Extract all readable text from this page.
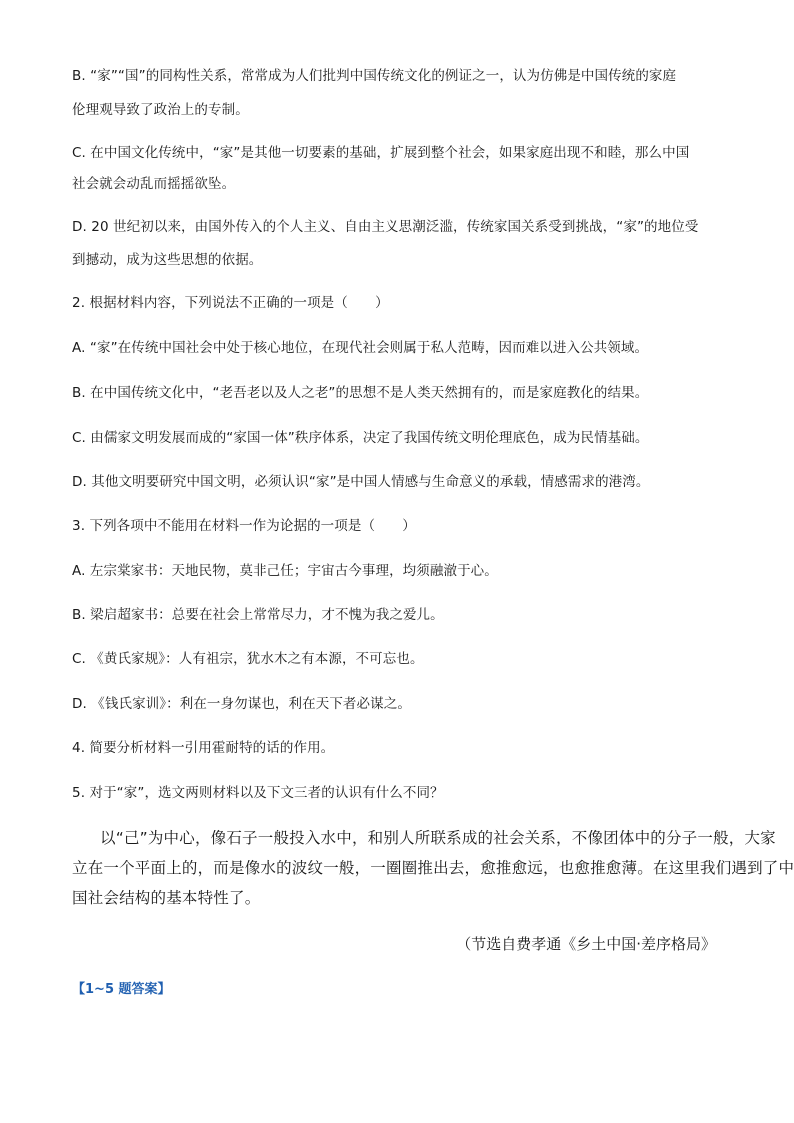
B. “家”“国”的同构性关系，常常成为人们批判中国传统文化的例证之一，认为仿佛是中国传统的家庭
伦理观导致了政治上的专制。
C. 在中国文化传统中，“家”是其他一切要素的基础，扩展到整个社会，如果家庭出现不和睦，那么中国
社会就会动乱而摇摇欲坠。
D. 20 世纪初以来，由国外传入的个人主义、自由主义思潮泛滥，传统家国关系受到挑战，“家”的地位受
到撼动，成为这些思想的依据。
2. 根据材料内容，下列说法不正确的一项是（　　）
A. “家”在传统中国社会中处于核心地位，在现代社会则属于私人范畴，因而难以进入公共领域。
B. 在中国传统文化中，“老吾老以及人之老”的思想不是人类天然拥有的，而是家庭教化的结果。
C. 由儒家文明发展而成的“家国一体”秩序体系，决定了我国传统文明伦理底色，成为民情基础。
D. 其他文明要研究中国文明，必须认识“家”是中国人情感与生命意义的承载，情感需求的港湾。
3. 下列各项中不能用在材料一作为论据的一项是（　　）
A. 左宗棠家书：天地民物，莫非己任；宇宙古今事理，均须融澈于心。
B. 梁启超家书：总要在社会上常常尽力，才不愧为我之爱儿。
C. 《黄氏家规》：人有祖宗，犹水木之有本源，不可忘也。
D. 《钱氏家训》：利在一身勿谋也，利在天下者必谋之。
4. 简要分析材料一引用霍耐特的话的作用。
5. 对于“家”，选文两则材料以及下文三者的认识有什么不同？
以“己”为中心，像石子一般投入水中，和别人所联系成的社会关系，不像团体中的分子一般，大家
立在一个平面上的，而是像水的波纹一般，一圈圈推出去，愈推愈远，也愈推愈薄。在这里我们遇到了中
国社会结构的基本特性了。
（节选自费孝通《乡土中国·差序格局》
【1~5 题答案】
